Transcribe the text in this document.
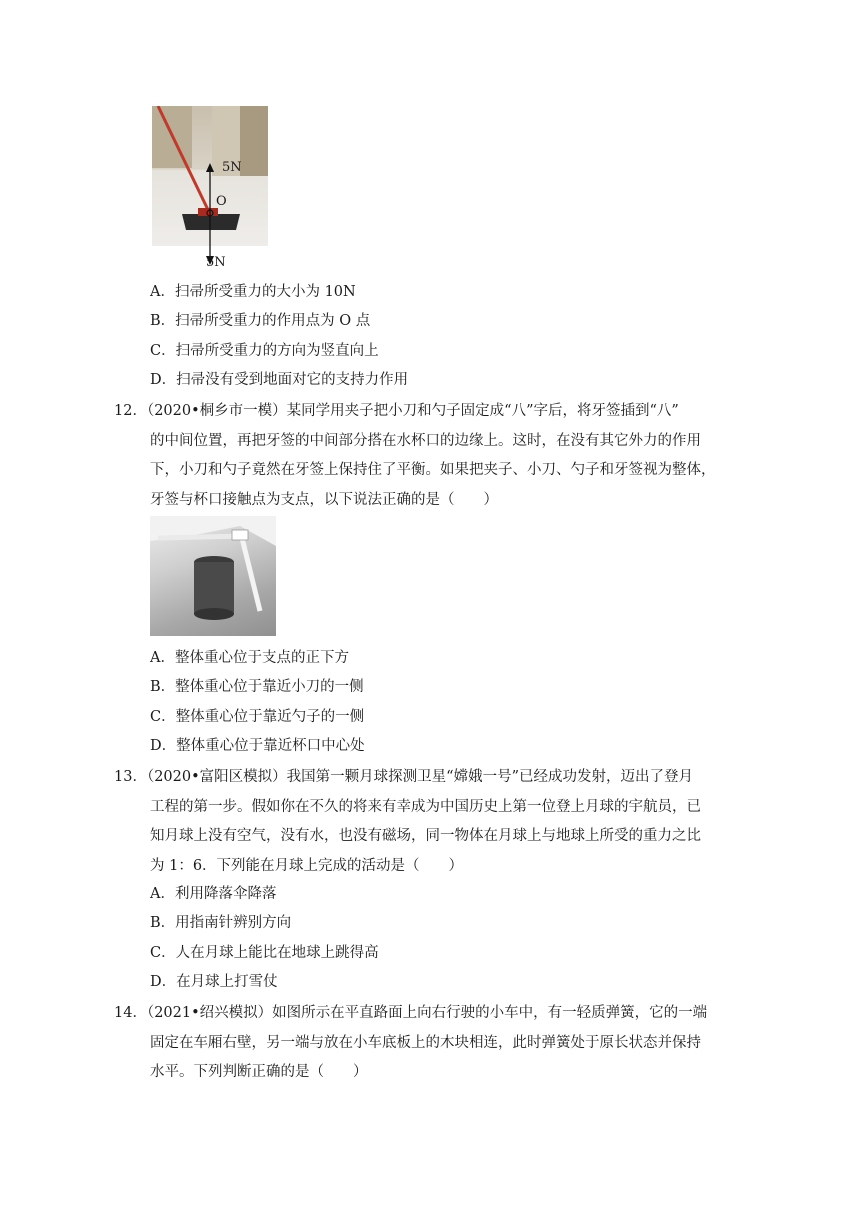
5N
O
5N
A．扫帚所受重力的大小为 10N
B．扫帚所受重力的作用点为 O 点
C．扫帚所受重力的方向为竖直向上
D．扫帚没有受到地面对它的支持力作用
12．（2020•桐乡市一模）某同学用夹子把小刀和勺子固定成“八”字后，将牙签插到“八”
的中间位置，再把牙签的中间部分搭在水杯口的边缘上。这时，在没有其它外力的作用
下，小刀和勺子竟然在牙签上保持住了平衡。如果把夹子、小刀、勺子和牙签视为整体，
牙签与杯口接触点为支点，以下说法正确的是（　　）
A．整体重心位于支点的正下方
B．整体重心位于靠近小刀的一侧
C．整体重心位于靠近勺子的一侧
D．整体重心位于靠近杯口中心处
13．（2020•富阳区模拟）我国第一颗月球探测卫星“嫦娥一号”已经成功发射，迈出了登月
工程的第一步。假如你在不久的将来有幸成为中国历史上第一位登上月球的宇航员，已
知月球上没有空气，没有水，也没有磁场，同一物体在月球上与地球上所受的重力之比
为 1：6．下列能在月球上完成的活动是（　　）
A．利用降落伞降落
B．用指南针辨别方向
C．人在月球上能比在地球上跳得高
D．在月球上打雪仗
14．（2021•绍兴模拟）如图所示在平直路面上向右行驶的小车中，有一轻质弹簧，它的一端
固定在车厢右壁，另一端与放在小车底板上的木块相连，此时弹簧处于原长状态并保持
水平。下列判断正确的是（　　）
